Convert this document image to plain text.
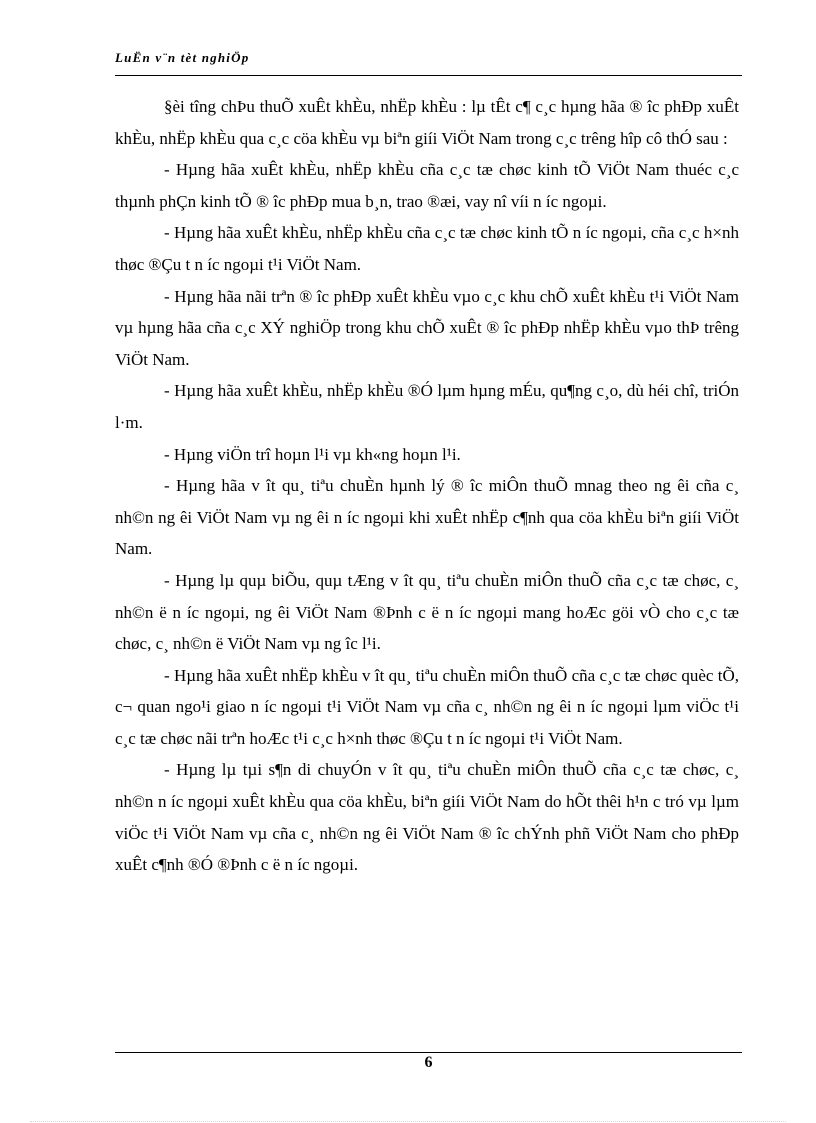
LuËn v¨n tèt nghiÖp

§èi tîng chÞu thuÕ xuÊt khÈu, nhËp khÈu : lµ tÊt c¶ c¸c hµng hãa ® îc phÐp xuÊt khÈu, nhËp khÈu qua c¸c cöa khÈu vµ biªn giíi ViÖt Nam trong c¸c trêng hîp cô thÓ sau :

- Hµng hãa xuÊt khÈu, nhËp khÈu cña c¸c tæ chøc kinh tÕ ViÖt Nam thuéc c¸c thµnh phÇn kinh tÕ ® îc phÐp mua b¸n, trao ®æi, vay nî víi n íc ngoµi.

- Hµng hãa xuÊt khÈu, nhËp khÈu cña c¸c tæ chøc kinh tÕ n íc ngoµi, cña c¸c h×nh thøc ®Çu t n íc ngoµi t¹i ViÖt Nam.

- Hµng hãa nãi trªn ® îc phÐp xuÊt khÈu vµo c¸c khu chÕ xuÊt khÈu t¹i ViÖt Nam vµ hµng hãa cña c¸c XÝ nghiÖp trong khu chÕ xuÊt ® îc phÐp nhËp khÈu vµo thÞ trêng ViÖt Nam.

- Hµng hãa xuÊt khÈu, nhËp khÈu ®Ó lµm hµng mÉu, qu¶ng c¸o, dù héi chî, triÓn l·m.

- Hµng viÖn trî hoµn l¹i vµ kh«ng hoµn l¹i.

- Hµng hãa v ît qu¸ tiªu chuÈn hµnh lý ® îc miÔn thuÕ mnag theo ng êi cña c¸ nh©n ng êi ViÖt Nam vµ ng êi n íc ngoµi khi xuÊt nhËp c¶nh qua cöa khÈu biªn giíi ViÖt Nam.

- Hµng lµ quµ biÕu, quµ tÆng v ît qu¸ tiªu chuÈn miÔn thuÕ cña c¸c tæ chøc, c¸ nh©n ë n íc ngoµi, ng êi ViÖt Nam ®Þnh c ë n íc ngoµi mang hoÆc göi vÒ cho c¸c tæ chøc, c¸ nh©n ë ViÖt Nam vµ ng îc l¹i.

- Hµng hãa xuÊt nhËp khÈu v ît qu¸ tiªu chuÈn miÔn thuÕ cña c¸c tæ chøc quèc tÕ, c¬ quan ngo¹i giao n íc ngoµi t¹i ViÖt Nam vµ cña c¸ nh©n ng êi n íc ngoµi lµm viÖc t¹i c¸c tæ chøc nãi trªn hoÆc t¹i c¸c h×nh thøc ®Çu t n íc ngoµi t¹i ViÖt Nam.

- Hµng lµ tµi s¶n di chuyÓn v ît qu¸ tiªu chuÈn miÔn thuÕ cña c¸c tæ chøc, c¸ nh©n n íc ngoµi xuÊt khÈu qua cöa khÈu, biªn giíi ViÖt Nam do hÕt thêi h¹n c tró vµ lµm viÖc t¹i ViÖt Nam vµ cña c¸ nh©n ng êi ViÖt Nam ® îc chÝnh phñ ViÖt Nam cho phÐp xuÊt c¶nh ®Ó ®Þnh c ë n íc ngoµi.

6
